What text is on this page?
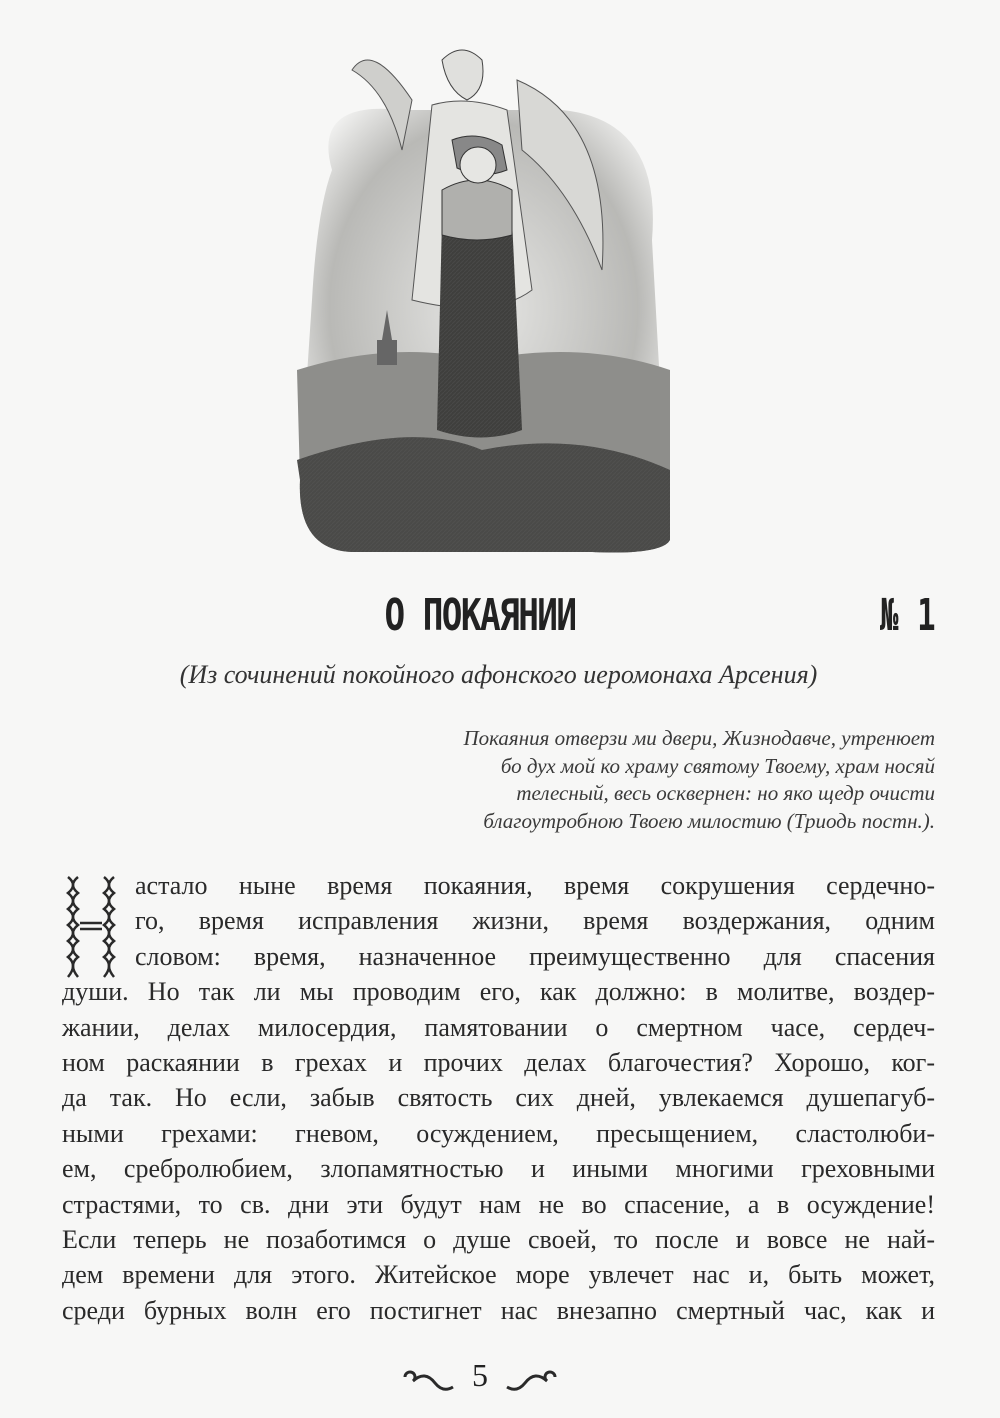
О ПОКАЯНИИ	№ 1
(Из сочинений покойного афонского иеромонаха Арсения)
Покаяния отверзи ми двери, Жизнодавче, утренюет
бо дух мой ко храму святому Твоему, храм носяй
телесный, весь осквернен: но яко щедр очисти
благоутробною Твоею милостию (Триодь постн.).
астало ныне время покаяния, время сокрушения сердечно-
го, время исправления жизни, время воздержания, одним
словом: время, назначенное преимущественно для спасения
души. Но так ли мы проводим его, как должно: в молитве, воздер-
жании, делах милосердия, памятовании о смертном часе, сердеч-
ном раскаянии в грехах и прочих делах благочестия? Хорошо, ког-
да так. Но если, забыв святость сих дней, увлекаемся душепагуб-
ными грехами: гневом, осуждением, пресыщением, сластолюби-
ем, сребролюбием, злопамятностью и иными многими греховными
страстями, то св. дни эти будут нам не во спасение, а в осуждение!
Если теперь не позаботимся о душе своей, то после и вовсе не най-
дем времени для этого. Житейское море увлечет нас и, быть может,
среди бурных волн его постигнет нас внезапно смертный час, как и
5
